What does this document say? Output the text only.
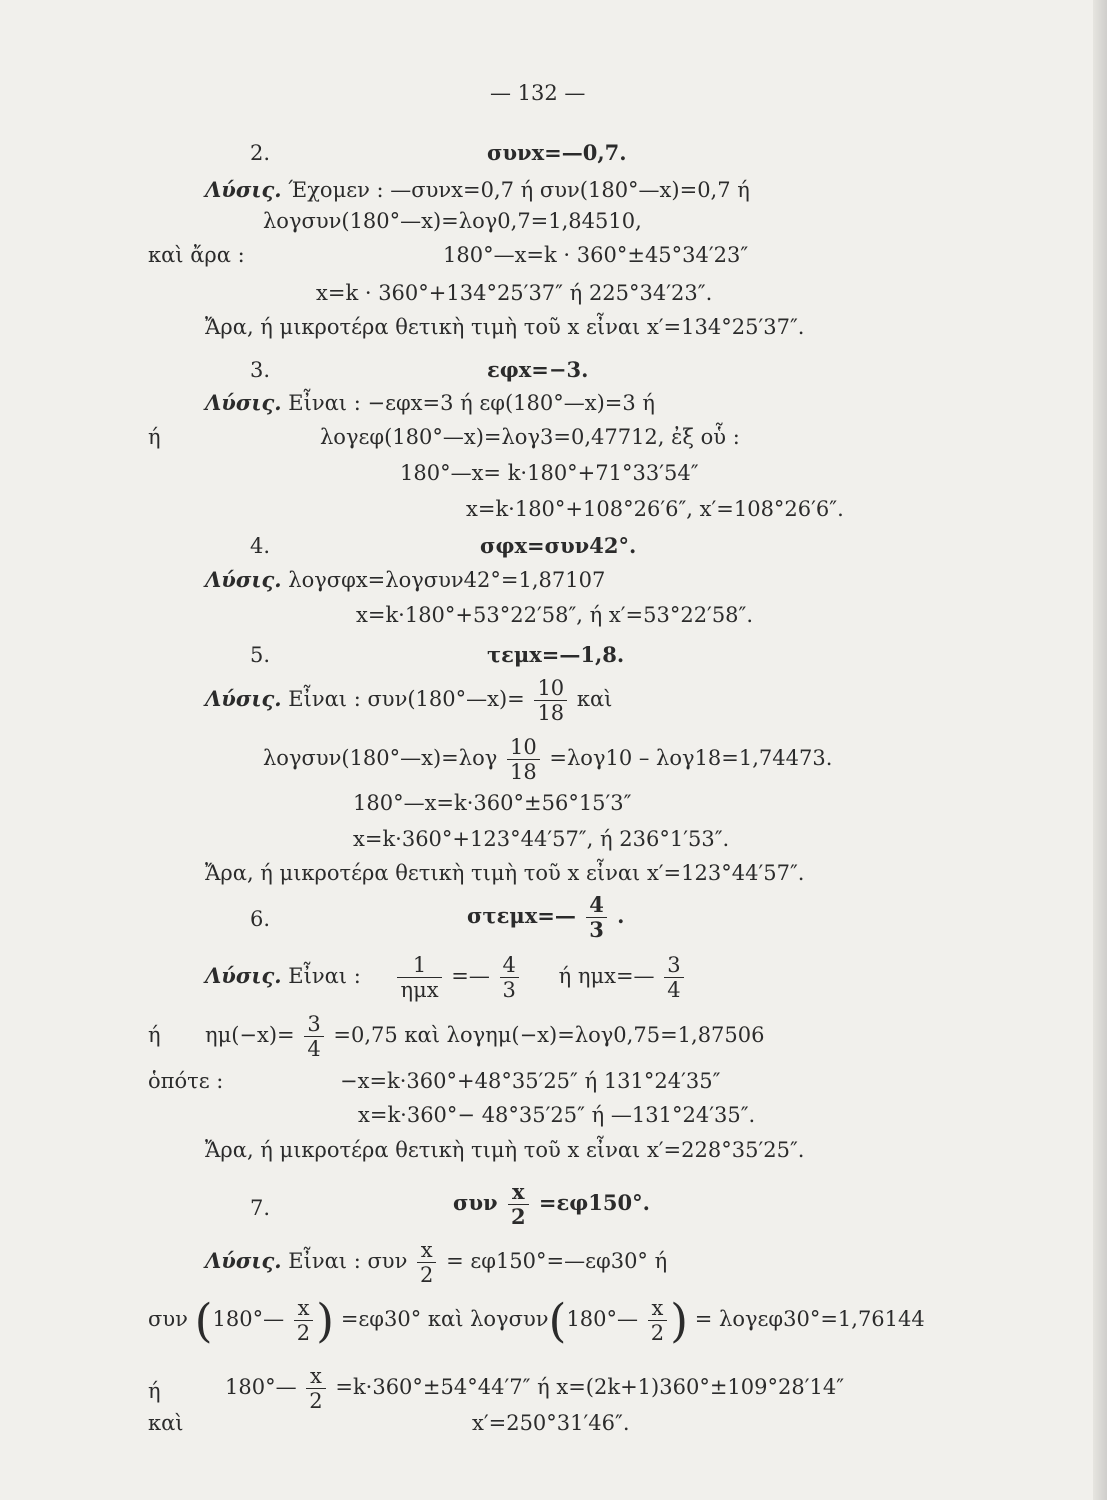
— 132 —
2.	συνx=—0,7.
Λύσις. Έχομεν : —συνx=0,7 ή συν(180°—x)=0,7 ή
λογσυν(180°—x)=λογ0,7=1,84510,
καὶ ἄρα :	180°—x=k · 360°±45°34′23″
x=k · 360°+134°25′37″ ή 225°34′23″.
Ἄρα, ή μικροτέρα θετικὴ τιμὴ τοῦ x εἶναι x′=134°25′37″.
3.	εφx=−3.
Λύσις. Εἶναι : −εφx=3 ή εφ(180°—x)=3 ή
ή	λογεφ(180°—x)=λογ3=0,47712, ἐξ οὗ :
180°—x= k·180°+71°33′54″
x=k·180°+108°26′6″, x′=108°26′6″.
4.	σφx=συν42°.
Λύσις. λογσφx=λογσυν42°=1,87107
x=k·180°+53°22′58″, ή x′=53°22′58″.
5.	τεμx=—1,8.
Λύσις. Εἶναι : συν(180°—x)= $\frac{10}{18}$ καὶ
λογσυν(180°—x)=λογ $\frac{10}{18} =\lambda o\gamma 10 - \lambda o\gamma 18=1,74473$.
180°—x=k·360°±56°15′3″
x=k·360°+123°44′57″, ή 236°1′53″.
Ἄρα, ή μικροτέρα θετικὴ τιμὴ τοῦ x εἶναι x′=123°44′57″.
6.	στεμx=— $\frac{4}{3}$ .
Λύσις. Εἶναι : $\frac{1}{\text{ημx}}$ =— $\frac{4}{3}$ ή ημx=— $\frac{3}{4}$
ή $\eta\mu(-x)= \frac{3}{4} =0,75$ καὶ λογημ(−x)=λογ0,75=1,87506
ὁπότε :	−x=k·360°+48°35′25″ ή 131°24′35″
x=k·360°− 48°35′25″ ή —131°24′35″.
Ἄρα, ή μικροτέρα θετικὴ τιμὴ τοῦ x εἶναι x′=228°35′25″.
7.	συν $\frac{x}{2} =\varepsilon\varphi 150^\circ$.
Λύσις. Εἶναι : συν $\frac{x}{2}$ = εφ150°=—εφ30° ή
συν (180°— $\frac{x}{2}$ ) =εφ30° καὶ λογσυν(180°— $\frac{x}{2}$ ) = λογεφ30°=1,76144
ή	180°— $\frac{x}{2} =k\cdot 360^\circ\pm 54^\circ 44'7''$ ή x=(2k+1)360°±109°28′14″
καὶ	x′=250°31′46″.
